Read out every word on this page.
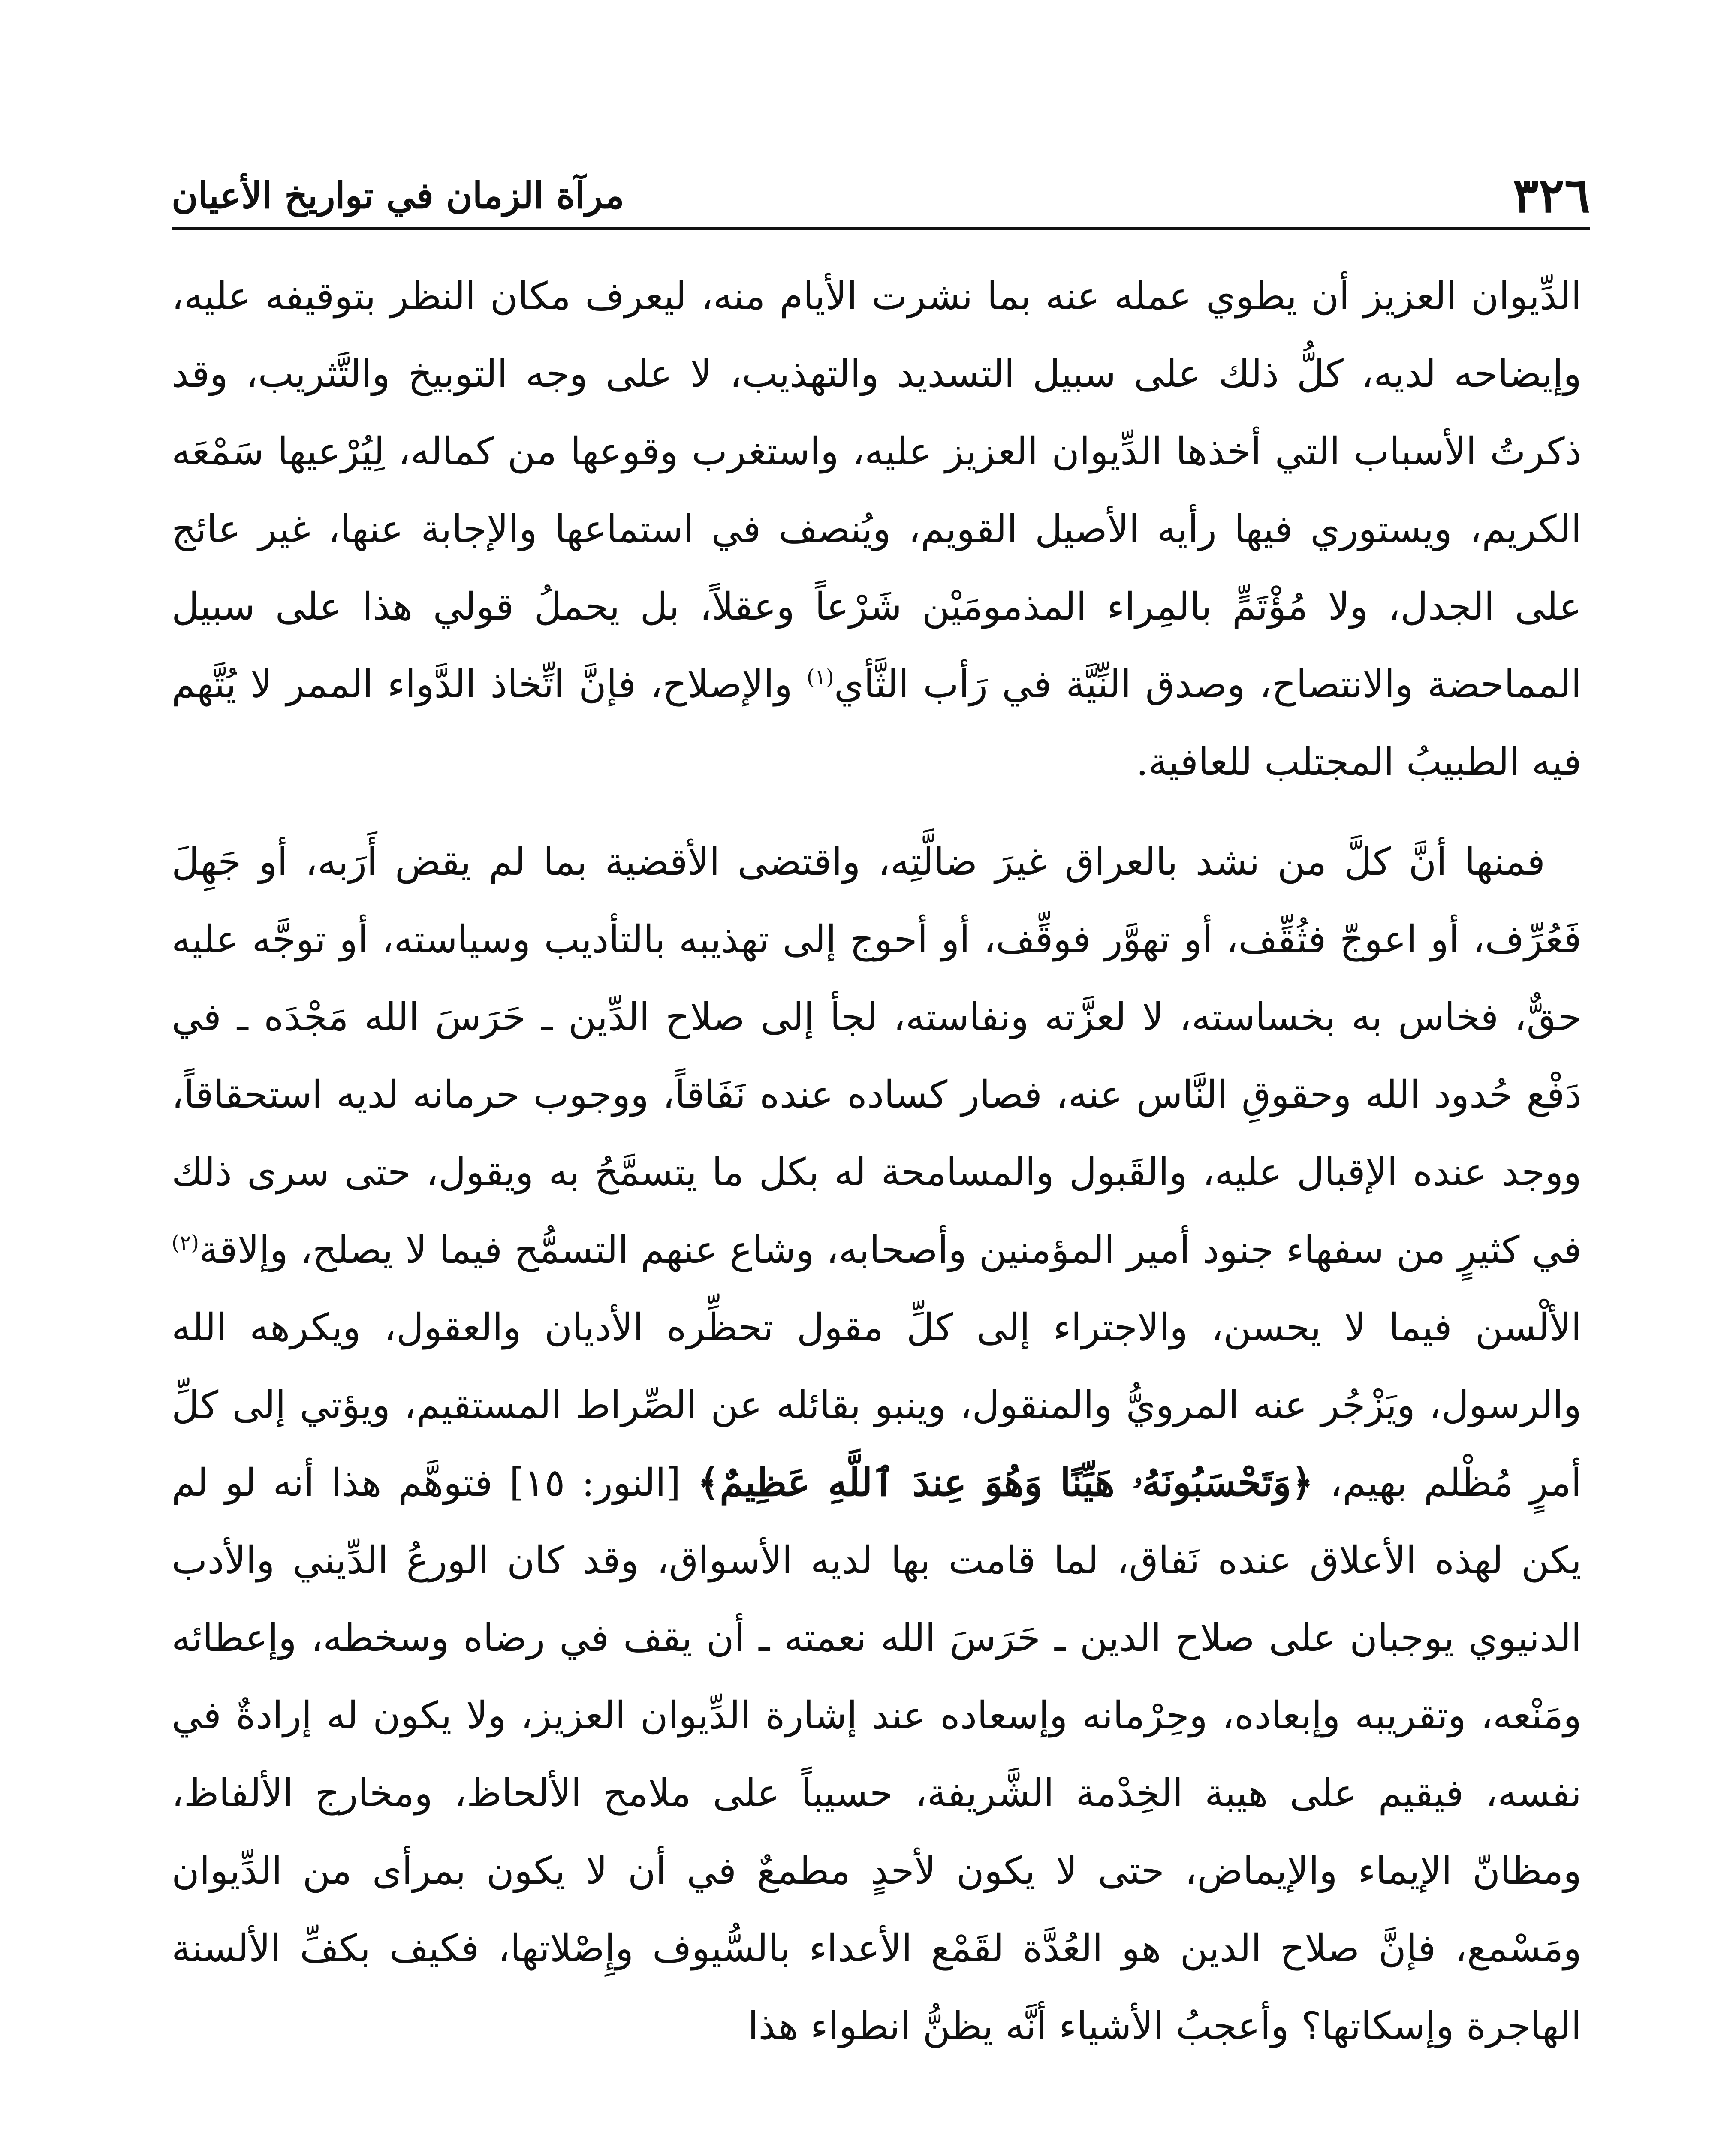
٣٢٦
مرآة الزمان في تواريخ الأعيان

الدِّيوان العزيز أن يطوي عمله عنه بما نشرت الأيام منه، ليعرف مكان النظر بتوقيفه عليه، وإيضاحه لديه، كلُّ ذلك على سبيل التسديد والتهذيب، لا على وجه التوبيخ والتَّثريب، وقد ذكرتُ الأسباب التي أخذها الدِّيوان العزيز عليه، واستغرب وقوعها من كماله، لِيُرْعيها سَمْعَه الكريم، ويستوري فيها رأيه الأصيل القويم، ويُنصف في استماعها والإجابة عنها، غير عائج على الجدل، ولا مُؤْتَمٍّ بالمِراء المذمومَيْن شَرْعاً وعقلاً، بل يحملُ قولي هذا على سبيل المماحضة والانتصاح، وصدق النِّيَّة في رَأب الثَّأي$^{(١)}$ والإصلاح، فإنَّ اتِّخاذ الدَّواء الممر لا يُتَّهم فيه الطبيبُ المجتلب للعافية.

فمنها أنَّ كلَّ من نشد بالعراق غيرَ ضالَّتِه، واقتضى الأقضية بما لم يقض أَرَبه، أو جَهِلَ فَعُرِّف، أو اعوجّ فثُقِّف، أو تهوَّر فوقِّف، أو أحوج إلى تهذيبه بالتأديب وسياسته، أو توجَّه عليه حقٌّ، فخاس به بخساسته، لا لعزَّته ونفاسته، لجأ إلى صلاح الدِّين ـ حَرَسَ الله مَجْدَه ـ في دَفْع حُدود الله وحقوقِ النَّاس عنه، فصار كساده عنده نَفَاقاً، ووجوب حرمانه لديه استحقاقاً، ووجد عنده الإقبال عليه، والقَبول والمسامحة له بكل ما يتسمَّحُ به ويقول، حتى سرى ذلك في كثيرٍ من سفهاء جنود أمير المؤمنين وأصحابه، وشاع عنهم التسمُّح فيما لا يصلح، وإلاقة$^{(٢)}$ الألْسن فيما لا يحسن، والاجتراء إلى كلِّ مقول تحظِّره الأديان والعقول، ويكرهه الله والرسول، ويَزْجُر عنه المرويُّ والمنقول، وينبو بقائله عن الصِّراط المستقيم، ويؤتي إلى كلِّ أمرٍ مُظْلم بهيم، ﴿وَتَحْسَبُونَهُۥ هَيِّنًا وَهُوَ عِندَ ٱللَّهِ عَظِيمٌ﴾ [النور: ١٥] فتوهَّم هذا أنه لو لم يكن لهذه الأعلاق عنده نَفاق، لما قامت بها لديه الأسواق، وقد كان الورعُ الدِّيني والأدب الدنيوي يوجبان على صلاح الدين ـ حَرَسَ الله نعمته ـ أن يقف في رضاه وسخطه، وإعطائه ومَنْعه، وتقريبه وإبعاده، وحِرْمانه وإسعاده عند إشارة الدِّيوان العزيز، ولا يكون له إرادةٌ في نفسه، فيقيم على هيبة الخِدْمة الشَّريفة، حسيباً على ملامح الألحاظ، ومخارج الألفاظ، ومظانّ الإيماء والإيماض، حتى لا يكون لأحدٍ مطمعٌ في أن لا يكون بمرأى من الدِّيوان ومَسْمع، فإنَّ صلاح الدين هو العُدَّة لقَمْع الأعداء بالسُّيوف وإِصْلاتها، فكيف بكفِّ الألسنة الهاجرة وإسكاتها؟ وأعجبُ الأشياء أنَّه يظنُّ انطواء هذا
